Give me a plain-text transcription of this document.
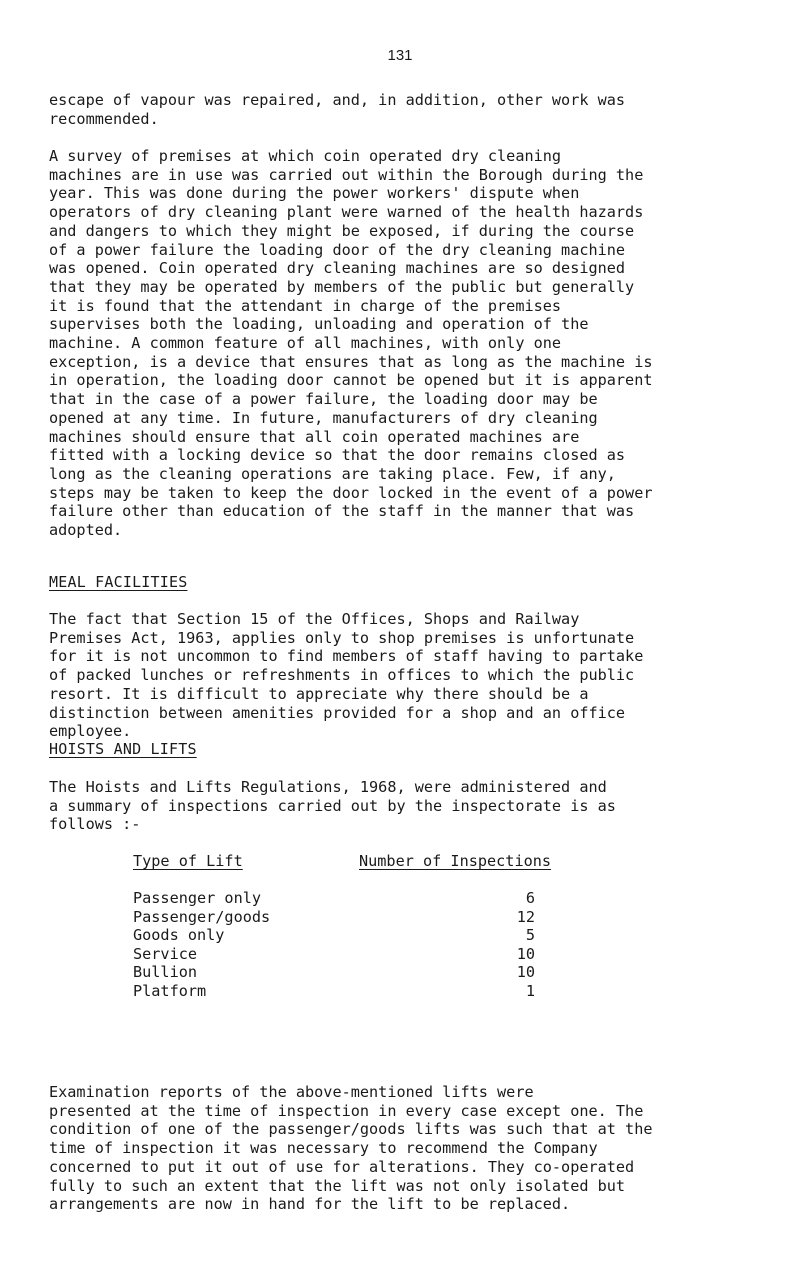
131

escape of vapour was repaired, and, in addition, other work was
recommended.

A survey of premises at which coin operated dry cleaning
machines are in use was carried out within the Borough during the
year. This was done during the power workers' dispute when
operators of dry cleaning plant were warned of the health hazards
and dangers to which they might be exposed, if during the course
of a power failure the loading door of the dry cleaning machine
was opened. Coin operated dry cleaning machines are so designed
that they may be operated by members of the public but generally
it is found that the attendant in charge of the premises
supervises both the loading, unloading and operation of the
machine. A common feature of all machines, with only one
exception, is a device that ensures that as long as the machine is
in operation, the loading door cannot be opened but it is apparent
that in the case of a power failure, the loading door may be
opened at any time. In future, manufacturers of dry cleaning
machines should ensure that all coin operated machines are
fitted with a locking device so that the door remains closed as
long as the cleaning operations are taking place. Few, if any,
steps may be taken to keep the door locked in the event of a power
failure other than education of the staff in the manner that was
adopted.

MEAL FACILITIES

The fact that Section 15 of the Offices, Shops and Railway
Premises Act, 1963, applies only to shop premises is unfortunate
for it is not uncommon to find members of staff having to partake
of packed lunches or refreshments in offices to which the public
resort. It is difficult to appreciate why there should be a
distinction between amenities provided for a shop and an office
employee.

HOISTS AND LIFTS

The Hoists and Lifts Regulations, 1968, were administered and
a summary of inspections carried out by the inspectorate is as
follows :-

Type of Lift	Number of Inspections
Passenger only	6
Passenger/goods	12
Goods only	5
Service	10
Bullion	10
Platform	1

Examination reports of the above-mentioned lifts were
presented at the time of inspection in every case except one. The
condition of one of the passenger/goods lifts was such that at the
time of inspection it was necessary to recommend the Company
concerned to put it out of use for alterations. They co-operated
fully to such an extent that the lift was not only isolated but
arrangements are now in hand for the lift to be replaced.
